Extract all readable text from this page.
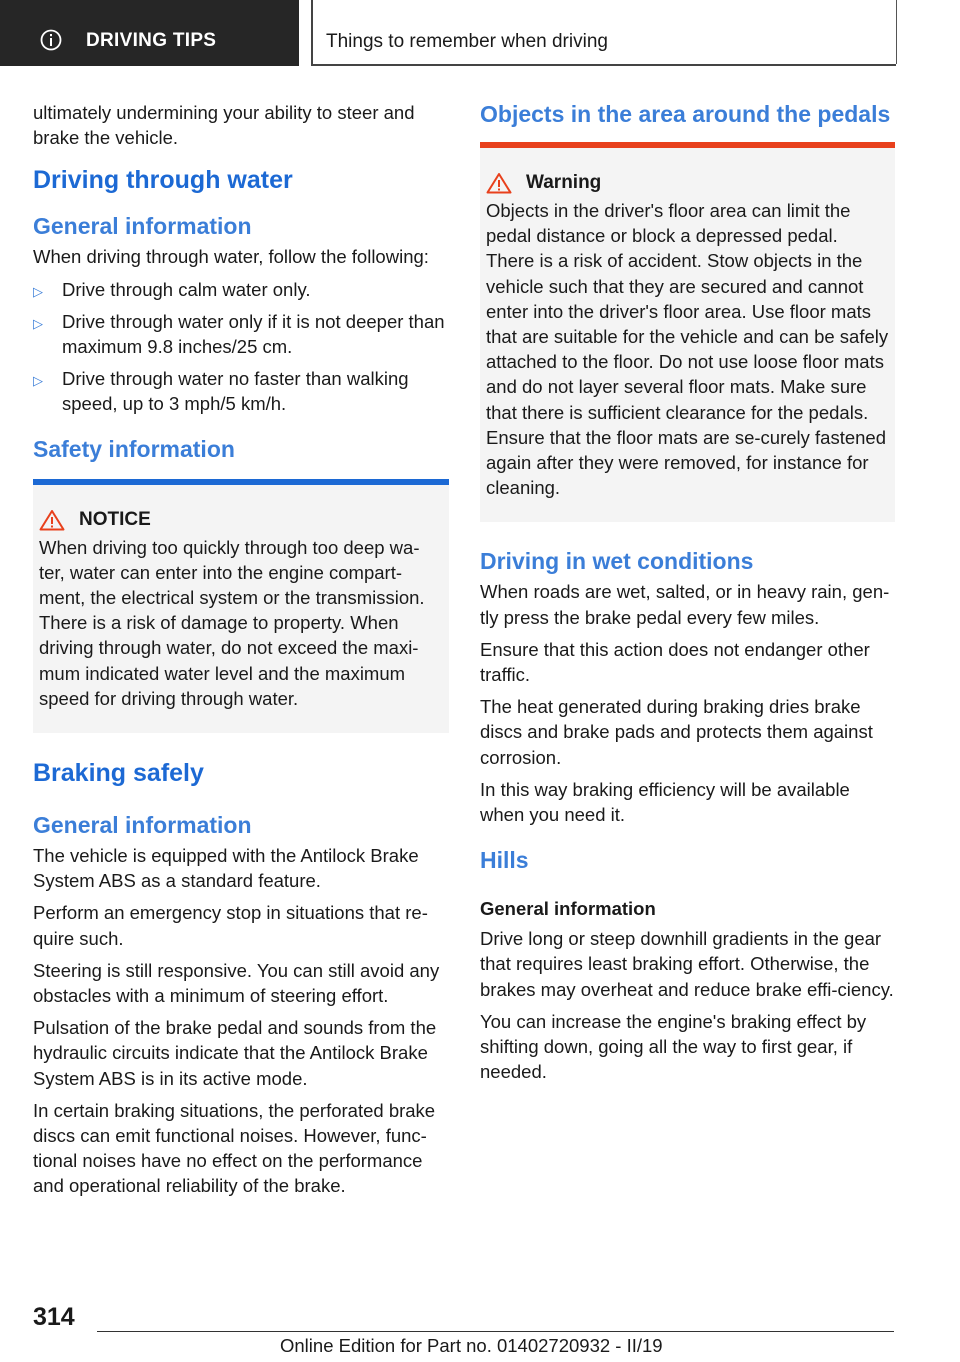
DRIVING TIPS	Things to remember when driving

ultimately undermining your ability to steer and brake the vehicle.

Driving through water
General information

When driving through water, follow the following:

▷ Drive through calm water only.
▷ Drive through water only if it is not deeper than maximum 9.8 inches/25 cm.
▷ Drive through water no faster than walking speed, up to 3 mph/5 km/h.
Safety information
NOTICE

When driving too quickly through too deep wa-ter, water can enter into the engine compart-ment, the electrical system or the transmission. There is a risk of damage to property. When driving through water, do not exceed the maxi-mum indicated water level and the maximum speed for driving through water.

Braking safely
General information

The vehicle is equipped with the Antilock Brake System ABS as a standard feature.

Perform an emergency stop in situations that re-quire such.

Steering is still responsive. You can still avoid any obstacles with a minimum of steering effort.

Pulsation of the brake pedal and sounds from the hydraulic circuits indicate that the Antilock Brake System ABS is in its active mode.

In certain braking situations, the perforated brake discs can emit functional noises. However, func-tional noises have no effect on the performance and operational reliability of the brake.

Objects in the area around the pedals
Warning

Objects in the driver's floor area can limit the pedal distance or block a depressed pedal. There is a risk of accident. Stow objects in the vehicle such that they are secured and cannot enter into the driver's floor area. Use floor mats that are suitable for the vehicle and can be safely attached to the floor. Do not use loose floor mats and do not layer several floor mats. Make sure that there is sufficient clearance for the pedals. Ensure that the floor mats are se-curely fastened again after they were removed, for instance for cleaning.

Driving in wet conditions

When roads are wet, salted, or in heavy rain, gen-tly press the brake pedal every few miles.

Ensure that this action does not endanger other traffic.

The heat generated during braking dries brake discs and brake pads and protects them against corrosion.

In this way braking efficiency will be available when you need it.

Hills
General information

Drive long or steep downhill gradients in the gear that requires least braking effort. Otherwise, the brakes may overheat and reduce brake effi-ciency.

You can increase the engine's braking effect by shifting down, going all the way to first gear, if needed.

314
Online Edition for Part no. 01402720932 - II/19
